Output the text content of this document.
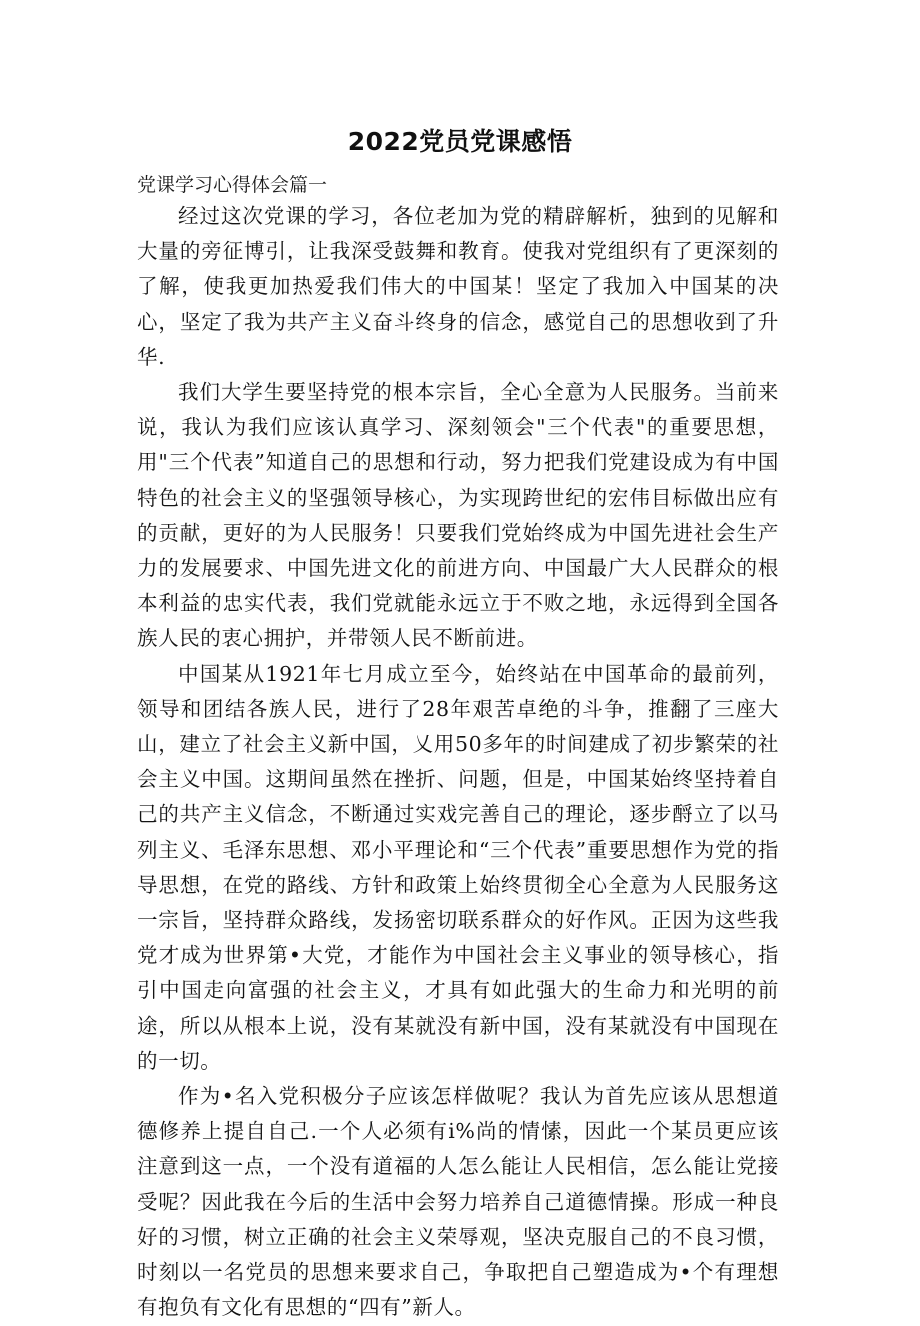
2022党员党课感悟

党课学习心得体会篇一

经过这次党课的学习，各位老加为党的精辟解析，独到的见解和大量的旁征博引，让我深受鼓舞和教育。使我对党组织有了更深刻的了解，使我更加热爱我们伟大的中国某！坚定了我加入中国某的决心，坚定了我为共产主义奋斗终身的信念，感觉自己的思想收到了升华.

我们大学生要坚持党的根本宗旨，全心全意为人民服务。当前来说，我认为我们应该认真学习、深刻领会"三个代表"的重要思想，用"三个代表”知道自己的思想和行动，努力把我们党建设成为有中国特色的社会主义的坚强领导核心，为实现跨世纪的宏伟目标做出应有的贡献，更好的为人民服务！只要我们党始终成为中国先进社会生产力的发展要求、中国先进文化的前进方向、中国最广大人民群众的根本利益的忠实代表，我们党就能永远立于不败之地，永远得到全国各族人民的衷心拥护，并带领人民不断前进。

中国某从1921年七月成立至今，始终站在中国革命的最前列，领导和团结各族人民，进行了28年艰苦卓绝的斗争，推翻了三座大山，建立了社会主义新中国，乂用50多年的时间建成了初步繁荣的社会主义中国。这期间虽然在挫折、问题，但是，中国某始终坚持着自己的共产主义信念，不断通过实戏完善自己的理论，逐步酹立了以马列主义、毛泽东思想、邓小平理论和“三个代表”重要思想作为党的指导思想，在党的路线、方针和政策上始终贯彻全心全意为人民服务这一宗旨，坚持群众路线，发扬密切联系群众的好作风。正因为这些我党才成为世界第•大党，才能作为中国社会主义事业的领导核心，指引中国走向富强的社会主义，才具有如此强大的生命力和光明的前途，所以从根本上说，没有某就没有新中国，没有某就没有中国现在的一切。

作为•名入党积极分子应该怎样做呢？我认为首先应该从思想道德修养上提自自己.一个人必须有i%尚的情愫，因此一个某员更应该注意到这一点，一个没有道福的人怎么能让人民相信，怎么能让党接受呢？因此我在今后的生活中会努力培养自己道德情操。形成一种良好的习惯，树立正确的社会主义荣辱观，坚决克服自己的不良习惯，时刻以一名党员的思想来要求自己，争取把自己塑造成为•个有理想有抱负有文化有思想的“四有”新人。
